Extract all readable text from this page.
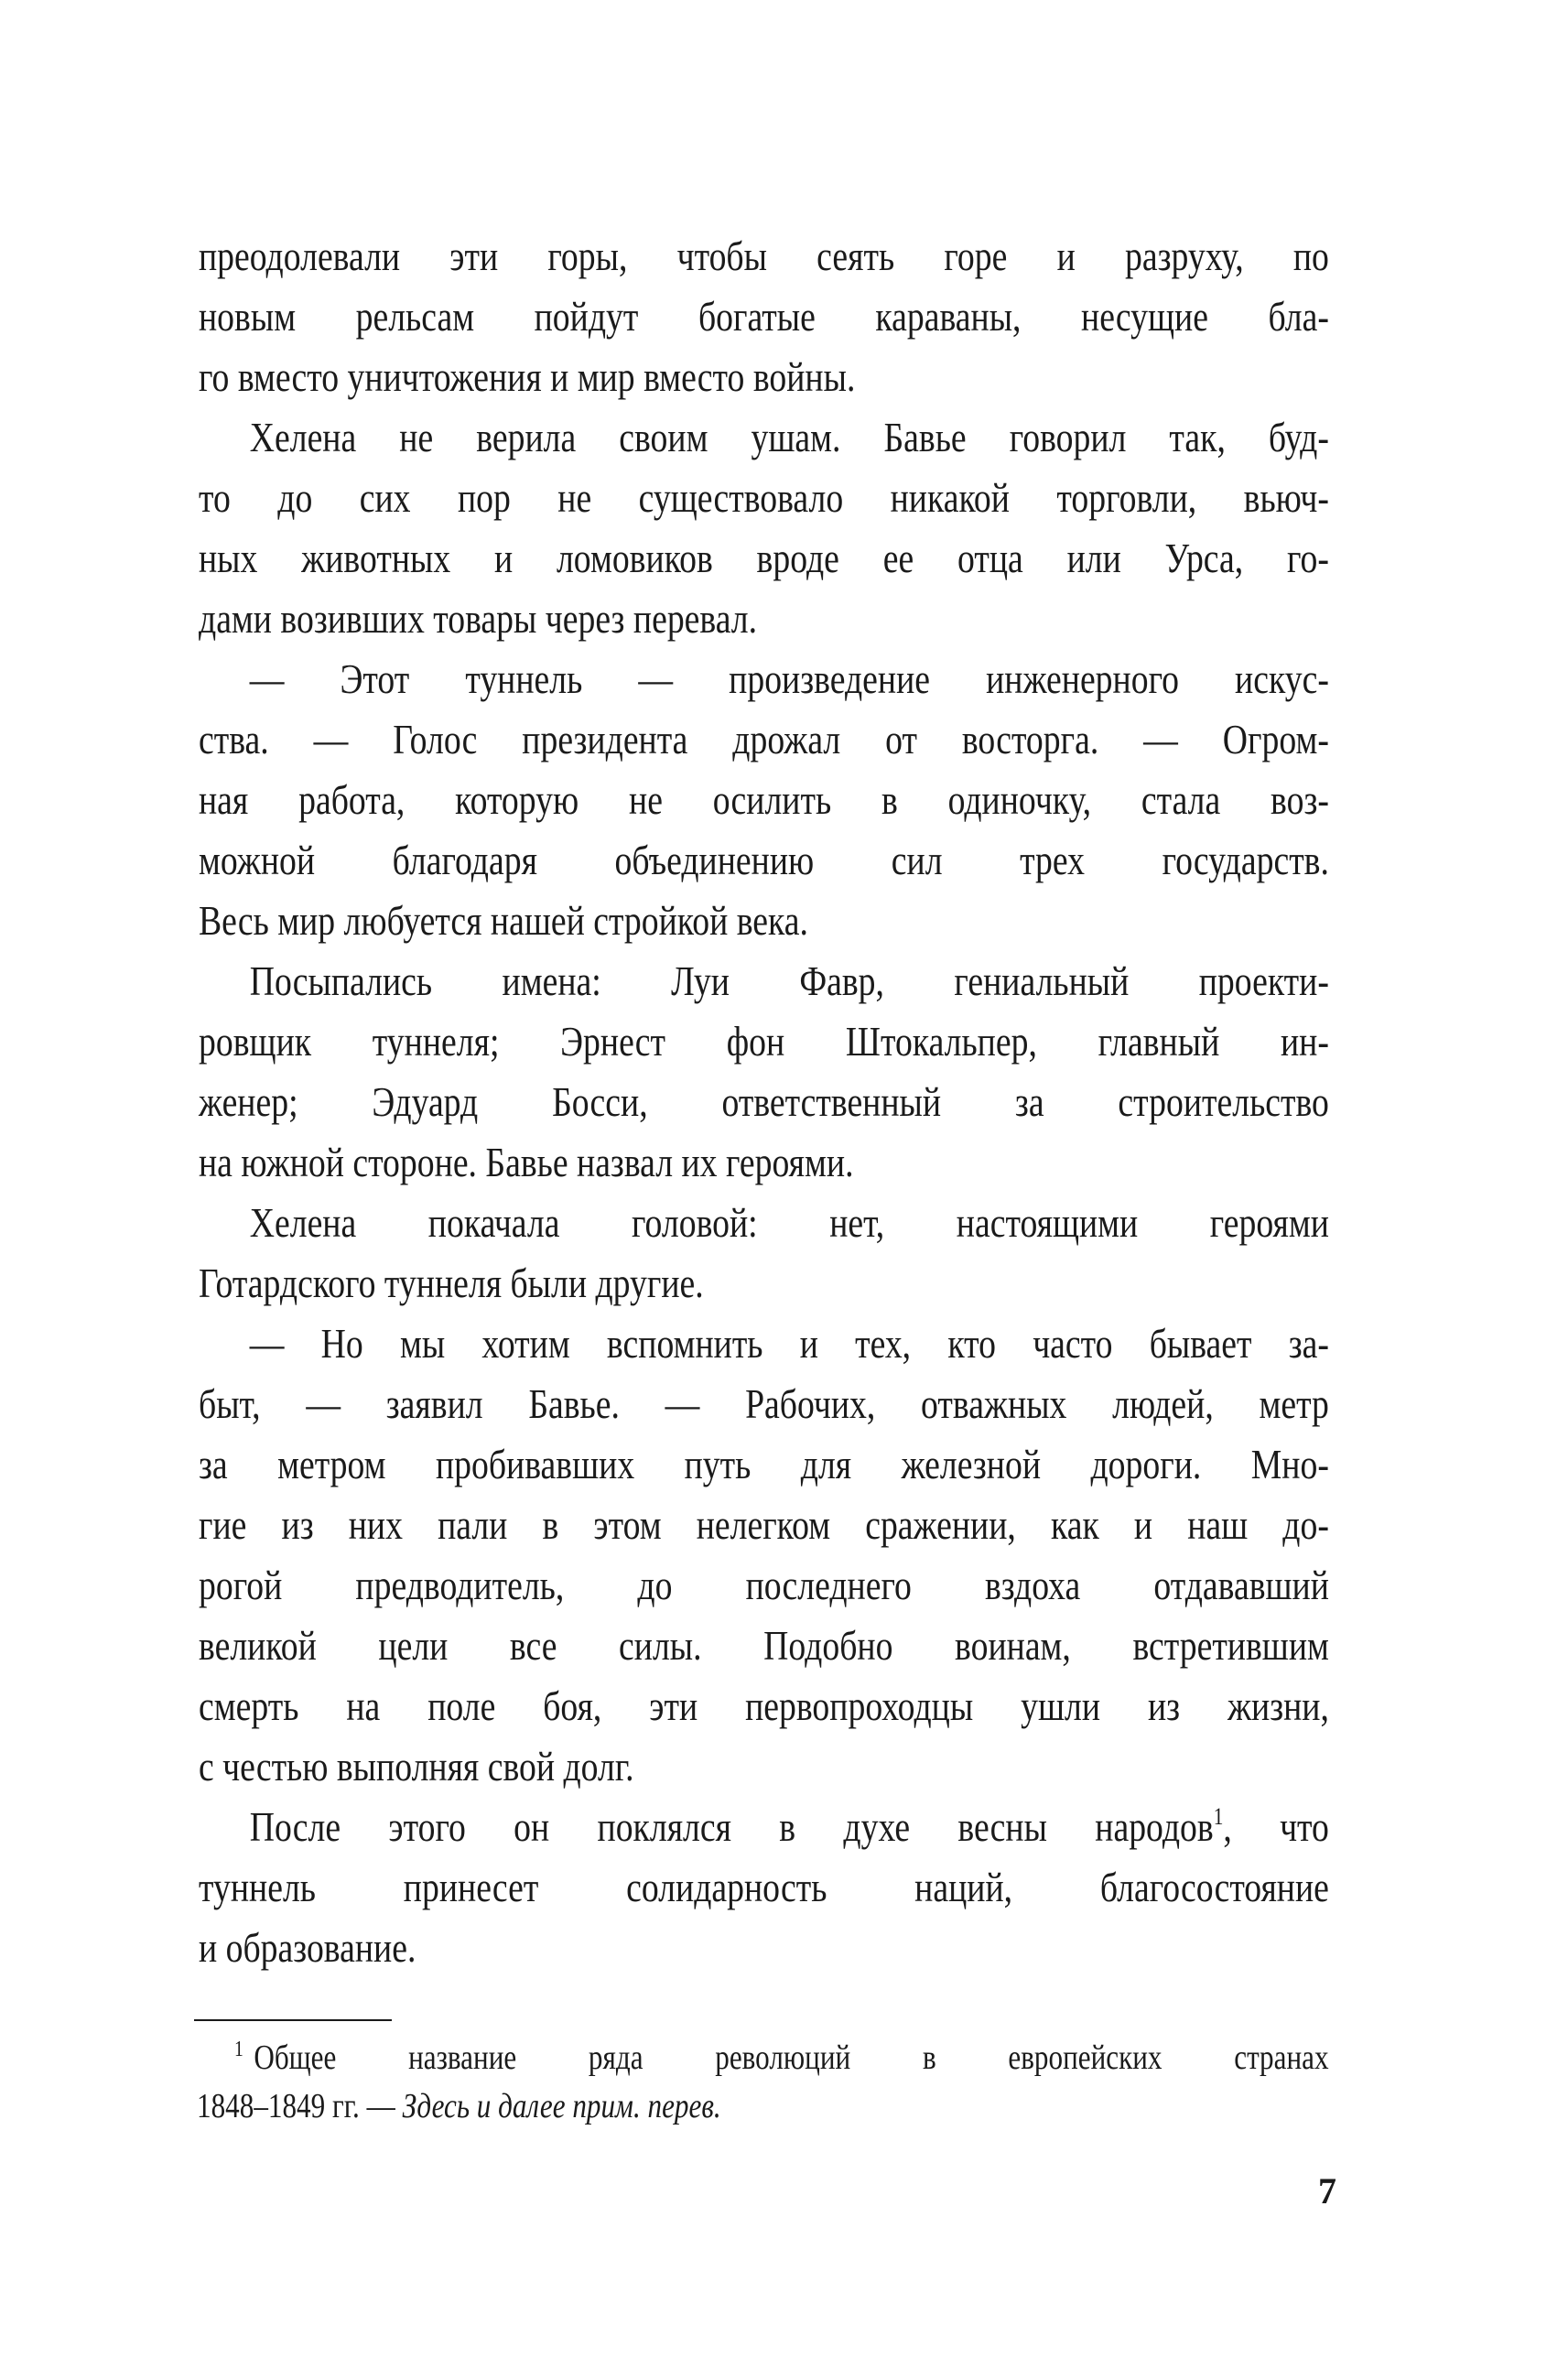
преодолевали эти горы, чтобы сеять горе и разруху, по
новым рельсам пойдут богатые караваны, несущие бла-
го вместо уничтожения и мир вместо войны.
Хелена не верила своим ушам. Бавье говорил так, буд-
то до сих пор не существовало никакой торговли, вьюч-
ных животных и ломовиков вроде ее отца или Урса, го-
дами возивших товары через перевал.
— Этот туннель — произведение инженерного искус-
ства. — Голос президента дрожал от восторга. — Огром-
ная работа, которую не осилить в одиночку, стала воз-
можной благодаря объединению сил трех государств.
Весь мир любуется нашей стройкой века.
Посыпались имена: Луи Фавр, гениальный проекти-
ровщик туннеля; Эрнест фон Штокальпер, главный ин-
женер; Эдуард Босси, ответственный за строительство
на южной стороне. Бавье назвал их героями.
Хелена покачала головой: нет, настоящими героями
Готардского туннеля были другие.
— Но мы хотим вспомнить и тех, кто часто бывает за-
быт, — заявил Бавье. — Рабочих, отважных людей, метр
за метром пробивавших путь для железной дороги. Мно-
гие из них пали в этом нелегком сражении, как и наш до-
рогой предводитель, до последнего вздоха отдававший
великой цели все силы. Подобно воинам, встретившим
смерть на поле боя, эти первопроходцы ушли из жизни,
с честью выполняя свой долг.
После этого он поклялся в духе весны народов$^1$, что
туннель принесет солидарность наций, благосостояние
и образование.
$^1$ Общее название ряда революций в европейских странах
1848–1849 гг. — Здесь и далее прим. перев.
7
